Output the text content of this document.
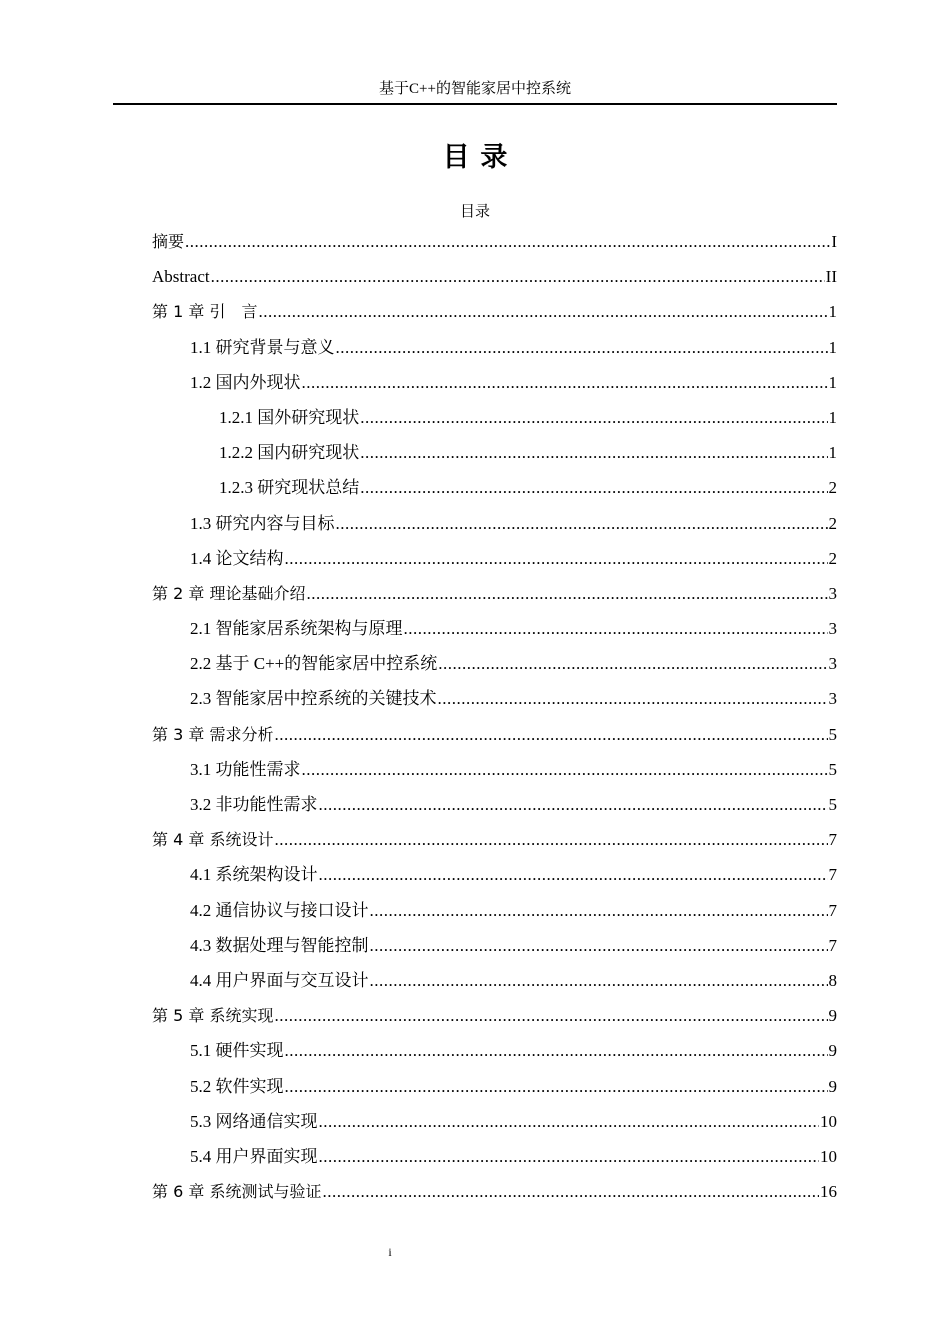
基于C++的智能家居中控系统
目录
目录
摘要 .....	I
Abstract .....	II
第 1 章 引　言 .....	1
1.1 研究背景与意义 .....	1
1.2 国内外现状 .....	1
1.2.1 国外研究现状 .....	1
1.2.2 国内研究现状 .....	1
1.2.3 研究现状总结 .....	2
1.3 研究内容与目标 .....	2
1.4 论文结构 .....	2
第 2 章 理论基础介绍 .....	3
2.1 智能家居系统架构与原理 .....	3
2.2 基于 C++的智能家居中控系统 .....	3
2.3 智能家居中控系统的关键技术 .....	3
第 3 章 需求分析 .....	5
3.1 功能性需求 .....	5
3.2 非功能性需求 .....	5
第 4 章 系统设计 .....	7
4.1 系统架构设计 .....	7
4.2 通信协议与接口设计 .....	7
4.3 数据处理与智能控制 .....	7
4.4 用户界面与交互设计 .....	8
第 5 章 系统实现 .....	9
5.1 硬件实现 .....	9
5.2 软件实现 .....	9
5.3 网络通信实现 .....	10
5.4 用户界面实现 .....	10
第 6 章 系统测试与验证 .....	16
i
